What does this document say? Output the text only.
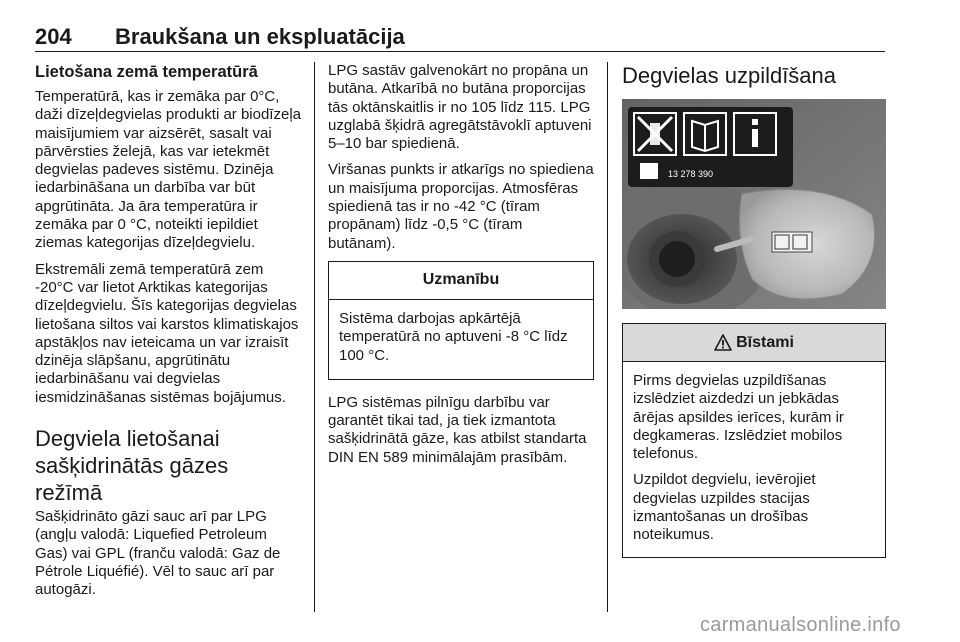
204 Braukšana un ekspluatācija
Lietošana zemā temperatūrā

Temperatūrā, kas ir zemāka par 0°C, daži dīzeļdegvielas produkti ar biodīzeļa maisījumiem var aizsērēt, sasalt vai pārvērsties želejā, kas var ietekmēt degvielas padeves sistēmu. Dzinēja iedarbināšana un darbība var būt apgrūtināta. Ja āra temperatūra ir zemāka par 0 °C, noteikti iepildiet ziemas kategorijas dīzeļdegvielu.

Ekstremāli zemā temperatūrā zem -20°C var lietot Arktikas kategorijas dīzeļdegvielu. Šīs kategorijas degvielas lietošana siltos vai karstos klimatiskajos apstākļos nav ieteicama un var izraisīt dzinēja slāpšanu, apgrūtinātu iedarbināšanu vai degvielas iesmidzināšanas sistēmas bojājumus.

Degviela lietošanai sašķidrinātās gāzes režīmā

Sašķidrināto gāzi sauc arī par LPG (angļu valodā: Liquefied Petroleum Gas) vai GPL (franču valodā: Gaz de Pétrole Liquéfié). Vēl to sauc arī par autogāzi.

LPG sastāv galvenokārt no propāna un butāna. Atkarībā no butāna proporcijas tās oktānskaitlis ir no 105 līdz 115. LPG uzglabā šķidrā agregātstāvoklī aptuveni 5–10 bar spiedienā.

Viršanas punkts ir atkarīgs no spiediena un maisījuma proporcijas. Atmosfēras spiedienā tas ir no -42 °C (tīram propānam) līdz -0,5 °C (tīram butānam).

Uzmanību

Sistēma darbojas apkārtējā temperatūrā no aptuveni -8 °C līdz 100 °C.

LPG sistēmas pilnīgu darbību var garantēt tikai tad, ja tiek izmantota sašķidrinātā gāze, kas atbilst standarta DIN EN 589 minimālajām prasībām.

Degvielas uzpildīšana
13 278 390
Bīstami

Pirms degvielas uzpildīšanas izslēdziet aizdedzi un jebkādas ārējas apsildes ierīces, kurām ir degkameras. Izslēdziet mobilos telefonus.

Uzpildot degvielu, ievērojiet degvielas uzpildes stacijas izmantošanas un drošības noteikumus.

carmanualsonline.info
